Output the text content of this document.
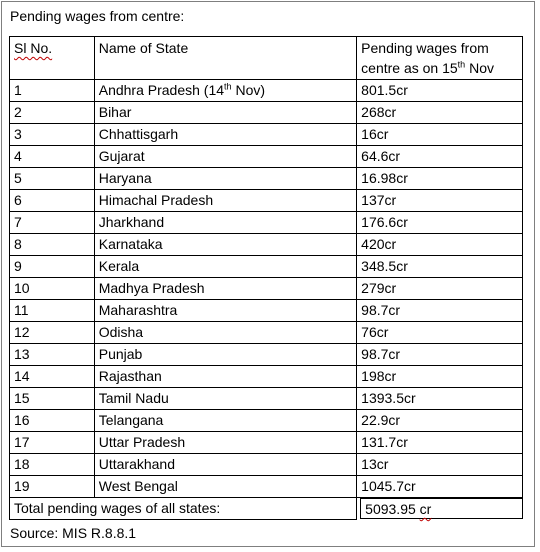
Pending wages from centre:
Sl No.	Name of State	Pending wages from
centre as on 15th Nov
1	Andhra Pradesh (14th Nov)	801.5cr
2	Bihar	268cr
3	Chhattisgarh	16cr
4	Gujarat	64.6cr
5	Haryana	16.98cr
6	Himachal Pradesh	137cr
7	Jharkhand	176.6cr
8	Karnataka	420cr
9	Kerala	348.5cr
10	Madhya Pradesh	279cr
11	Maharashtra	98.7cr
12	Odisha	76cr
13	Punjab	98.7cr
14	Rajasthan	198cr
15	Tamil Nadu	1393.5cr
16	Telangana	22.9cr
17	Uttar Pradesh	131.7cr
18	Uttarakhand	13cr
19	West Bengal	1045.7cr
Total pending wages of all states:		5093.95 cr
Source: MIS R.8.8.1
